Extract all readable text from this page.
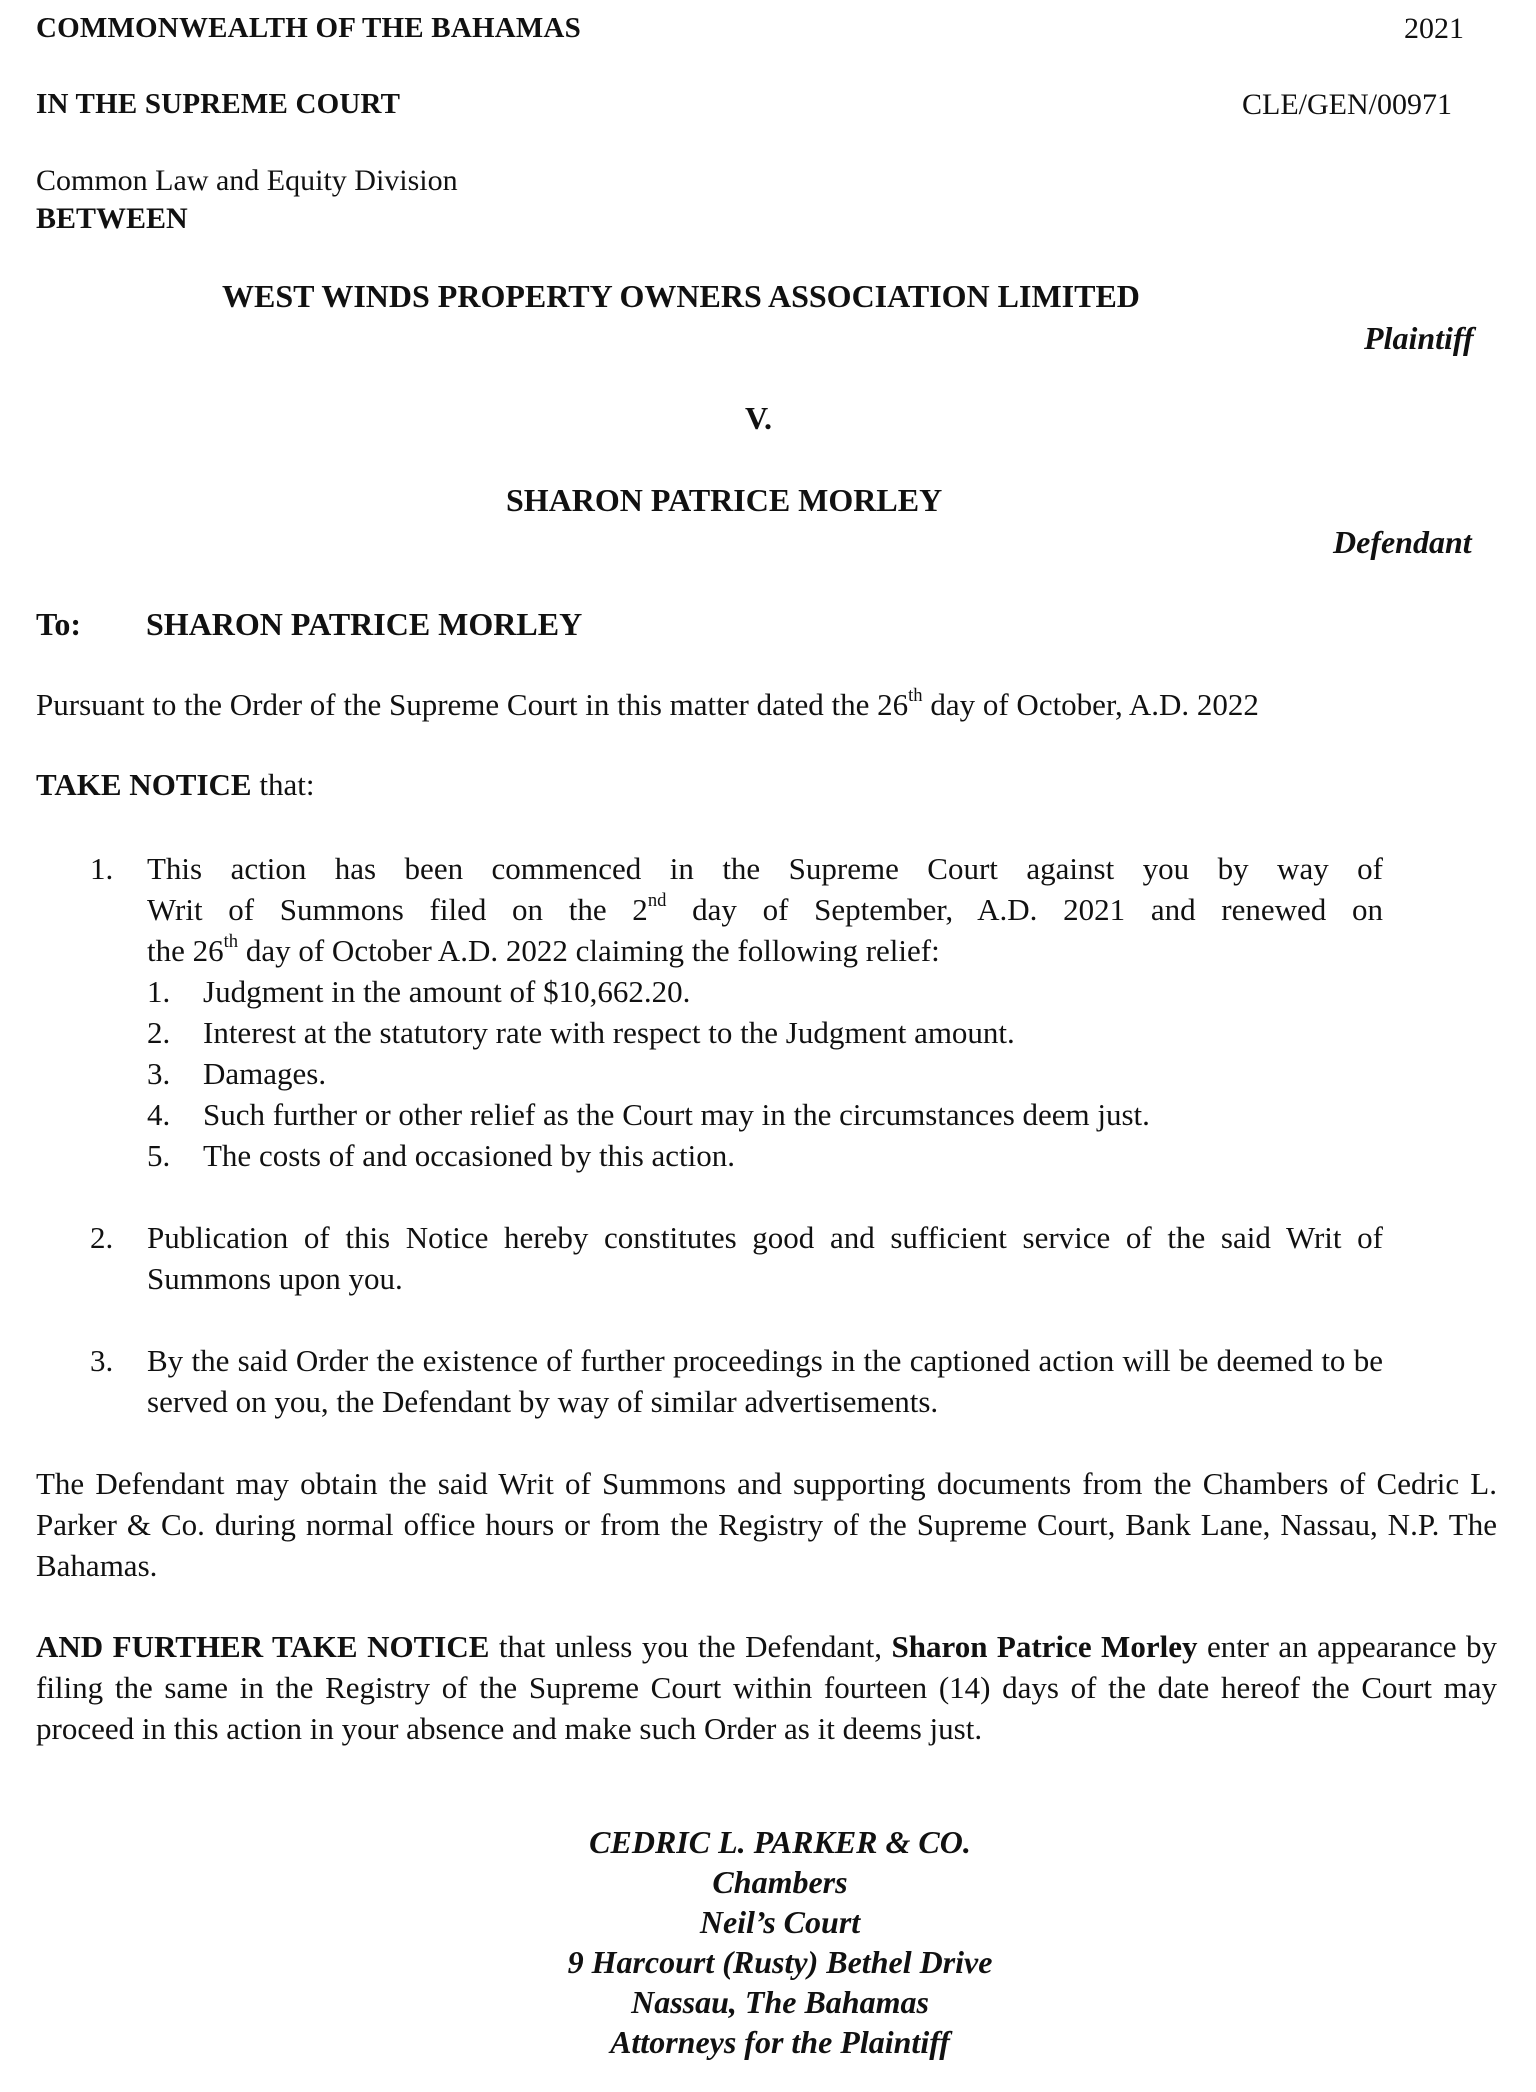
COMMONWEALTH OF THE BAHAMAS	2021
IN THE SUPREME COURT	CLE/GEN/00971
Common Law and Equity Division
BETWEEN
WEST WINDS PROPERTY OWNERS ASSOCIATION LIMITED
Plaintiff
V.
SHARON PATRICE MORLEY
Defendant
To: SHARON PATRICE MORLEY
Pursuant to the Order of the Supreme Court in this matter dated the 26th day of October, A.D. 2022
TAKE NOTICE that:
1. This action has been commenced in the Supreme Court against you by way of
Writ of Summons filed on the 2nd day of September, A.D. 2021 and renewed on
the 26th day of October A.D. 2022 claiming the following relief:
1. Judgment in the amount of $10,662.20.
2. Interest at the statutory rate with respect to the Judgment amount.
3. Damages.
4. Such further or other relief as the Court may in the circumstances deem just.
5. The costs of and occasioned by this action.
2. Publication of this Notice hereby constitutes good and sufficient service of the said Writ of Summons upon you.
3. By the said Order the existence of further proceedings in the captioned action will be deemed to be served on you, the Defendant by way of similar advertisements.
The Defendant may obtain the said Writ of Summons and supporting documents from the Chambers of Cedric L. Parker & Co. during normal office hours or from the Registry of the Supreme Court, Bank Lane, Nassau, N.P. The Bahamas.
AND FURTHER TAKE NOTICE that unless you the Defendant, Sharon Patrice Morley enter an appearance by filing the same in the Registry of the Supreme Court within fourteen (14) days of the date hereof the Court may proceed in this action in your absence and make such Order as it deems just.
CEDRIC L. PARKER & CO.
Chambers
Neil’s Court
9 Harcourt (Rusty) Bethel Drive
Nassau, The Bahamas
Attorneys for the Plaintiff
